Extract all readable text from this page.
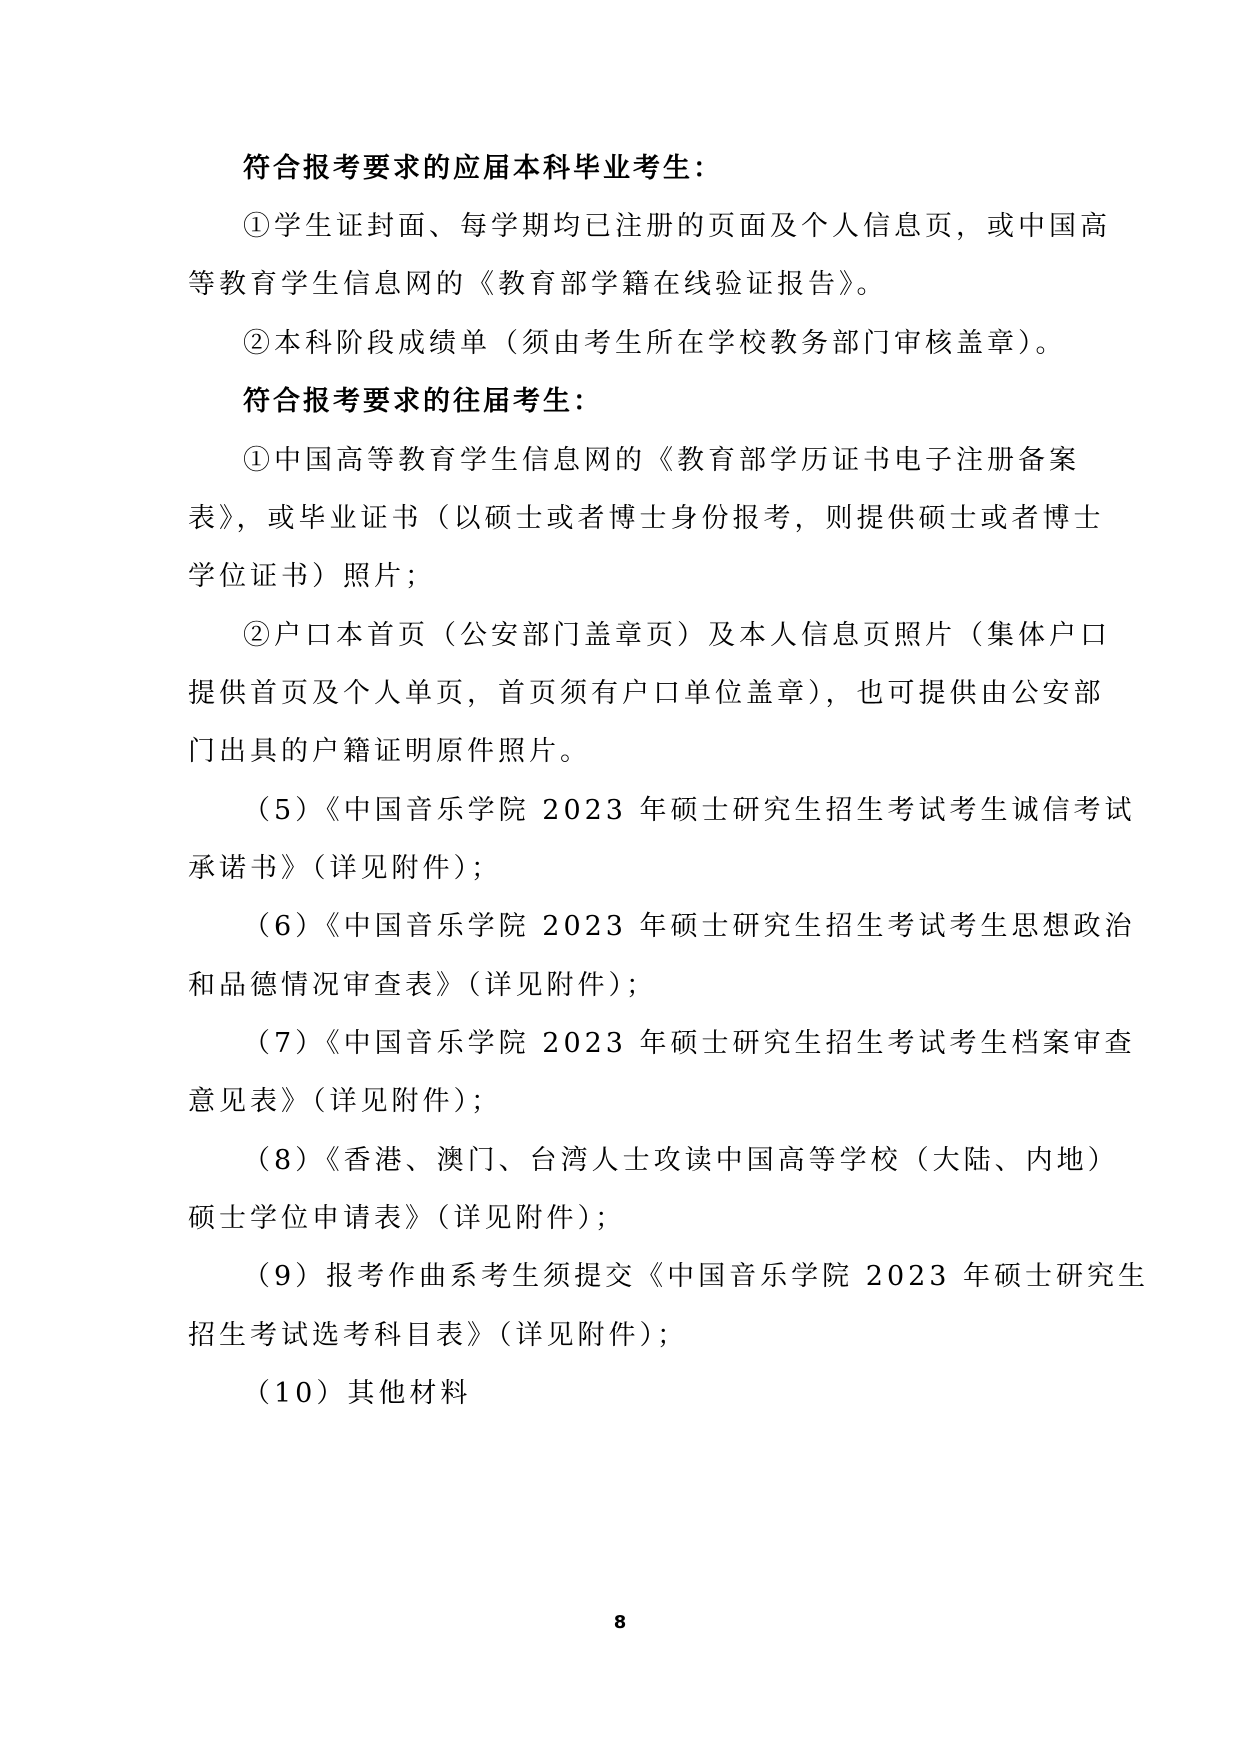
符合报考要求的应届本科毕业考生：
①学生证封面、每学期均已注册的页面及个人信息页，或中国高
等教育学生信息网的《教育部学籍在线验证报告》。
②本科阶段成绩单（须由考生所在学校教务部门审核盖章）。
符合报考要求的往届考生：
①中国高等教育学生信息网的《教育部学历证书电子注册备案
表》，或毕业证书（以硕士或者博士身份报考，则提供硕士或者博士
学位证书）照片；
②户口本首页（公安部门盖章页）及本人信息页照片（集体户口
提供首页及个人单页，首页须有户口单位盖章），也可提供由公安部
门出具的户籍证明原件照片。
（5）《中国音乐学院 2023 年硕士研究生招生考试考生诚信考试
承诺书》（详见附件）；
（6）《中国音乐学院 2023 年硕士研究生招生考试考生思想政治
和品德情况审查表》（详见附件）；
（7）《中国音乐学院 2023 年硕士研究生招生考试考生档案审查
意见表》（详见附件）；
（8）《香港、澳门、台湾人士攻读中国高等学校（大陆、内地）
硕士学位申请表》（详见附件）；
（9）报考作曲系考生须提交《中国音乐学院 2023 年硕士研究生
招生考试选考科目表》（详见附件）；
（10）其他材料
8
